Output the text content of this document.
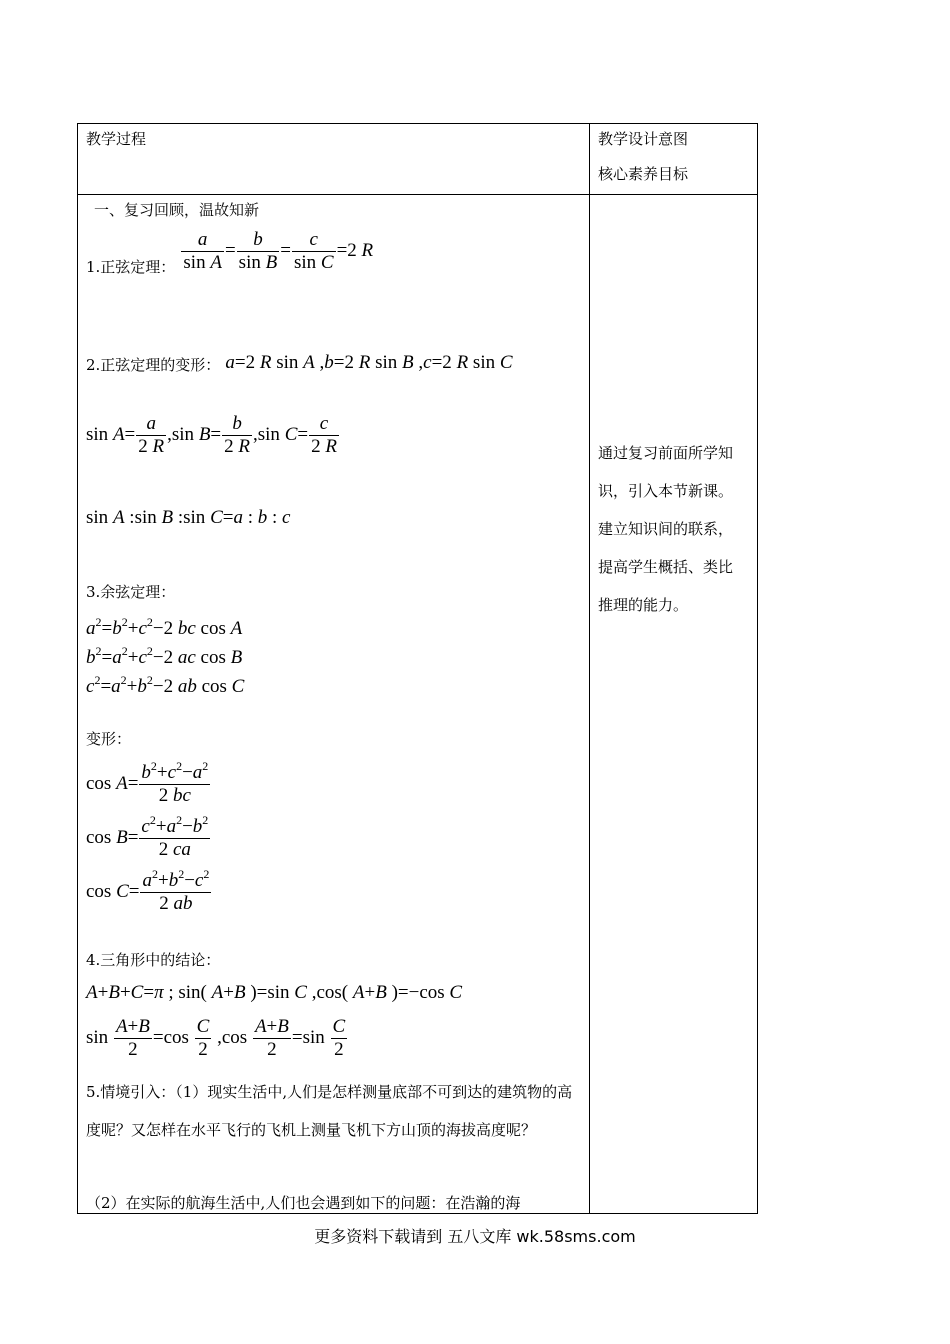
教学过程	教学设计意图
核心素养目标
一、复习回顾，温故知新
1.正弦定理： $\frac{a}{\text{sin A}} = \frac{b}{\text{sin B}} = \frac{c}{\text{sin C}} =2$ R
2.正弦定理的变形： a=2 R sin A ,b=2 R sin B ,c=2 R sin C
$\sin A= \frac{a}{2 R} ,\sin$ $B= \frac{b}{2 R} ,\sin$ $C= \frac{c}{2 R}$
sin A :sin B :sin C=a : b : c
3.余弦定理：
$a^2=b^2+c^2-2$ bc cos A
$b^2=a^2+c^2-2$ ac cos B
$c^2=a^2+b^2-2$ ab cos C
变形：
$\cos A= \frac{b^2+c^2-a^2}{2 bc}$
$\cos B= \frac{c^2+a^2-b^2}{2 ca}$
$\cos C= \frac{a^2+b^2-c^2}{2 ab}$
4.三角形中的结论：
A+B+C=π ; sin( A+B )=sin C ,cos( A+B )=−cos C
$\sin \frac{A+B}{2} =\cos \frac{C}{2} ,\cos \frac{A+B}{2} =\sin \frac{C}{2}$
5.情境引入：（1）现实生活中,人们是怎样测量底部不可到达的建筑物的高度呢？又怎样在水平飞行的飞机上测量飞机下方山顶的海拔高度呢？
（2）在实际的航海生活中,人们也会遇到如下的问题：在浩瀚的海
通过复习前面所学知识，引入本节新课。建立知识间的联系，提高学生概括、类比推理的能力。
更多资料下载请到 五八文库 wk.58sms.com
